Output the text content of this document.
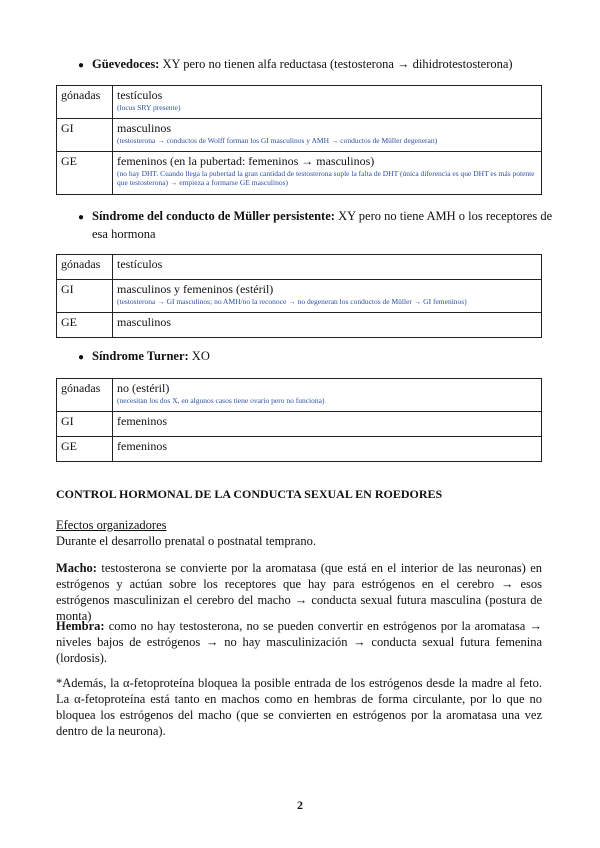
● Güevedoces: XY pero no tienen alfa reductasa (testosterona → dihidrotestosterona)
gónadas	testículos
(locus SRY presente)

GI	masculinos
(testosterona → conductos de Wolff forman los GI masculinos y AMH → conductos de Müller degeneran)

GE	femeninos (en la pubertad: femeninos → masculinos)
(no hay DHT. Cuando llega la pubertad la gran cantidad de testosterona suple la falta de DHT (única diferencia es que DHT es más potente que testosterona) → empieza a formarse GE masculinos)
● Síndrome del conducto de Müller persistente: XY pero no tiene AMH o los receptores de esa hormona
gónadas	testículos
GI	masculinos y femeninos (estéril)
(testosterona → GI masculinos; no AMH/no la reconoce → no degeneran los conductos de Müller → GI femeninos)

GE	masculinos
● Síndrome Turner: XO
gónadas	no (estéril)
(necesitan los dos X, en algunos casos tiene ovario pero no funciona)

GI	femeninos
GE	femeninos
CONTROL HORMONAL DE LA CONDUCTA SEXUAL EN ROEDORES
Efectos organizadores
Durante el desarrollo prenatal o postnatal temprano.
Macho: testosterona se convierte por la aromatasa (que está en el interior de las neuronas) en estrógenos y actúan sobre los receptores que hay para estrógenos en el cerebro → esos estrógenos masculinizan el cerebro del macho → conducta sexual futura masculina (postura de monta)
Hembra: como no hay testosterona, no se pueden convertir en estrógenos por la aromatasa → niveles bajos de estrógenos → no hay masculinización → conducta sexual futura femenina (lordosis).
*Además, la α-fetoproteína bloquea la posible entrada de los estrógenos desde la madre al feto. La α-fetoproteína está tanto en machos como en hembras de forma circulante, por lo que no bloquea los estrógenos del macho (que se convierten en estrógenos por la aromatasa una vez dentro de la neurona).
2
